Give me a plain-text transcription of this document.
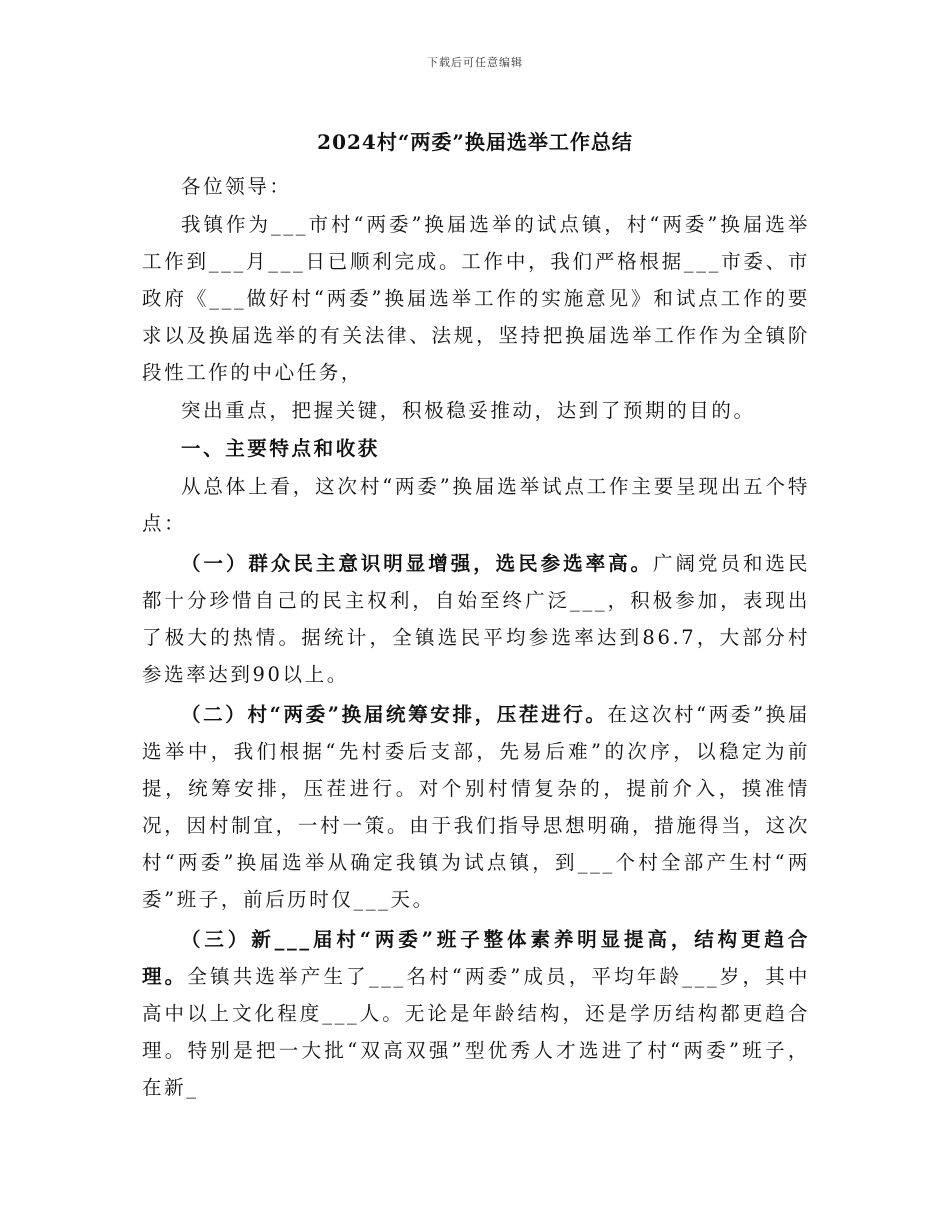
下载后可任意编辑
2024村“两委”换届选举工作总结

各位领导：

我镇作为___市村“两委”换届选举的试点镇，村“两委”换届选举工作到___月___日已顺利完成。工作中，我们严格根据___市委、市政府《___做好村“两委”换届选举工作的实施意见》和试点工作的要求以及换届选举的有关法律、法规，坚持把换届选举工作作为全镇阶段性工作的中心任务，

突出重点，把握关键，积极稳妥推动，达到了预期的目的。

一、主要特点和收获

从总体上看，这次村“两委”换届选举试点工作主要呈现出五个特点：

（一）群众民主意识明显增强，选民参选率高。广阔党员和选民都十分珍惜自己的民主权利，自始至终广泛___，积极参加，表现出了极大的热情。据统计，全镇选民平均参选率达到86.7，大部分村参选率达到90以上。

（二）村“两委”换届统筹安排，压茬进行。在这次村“两委”换届选举中，我们根据“先村委后支部，先易后难”的次序，以稳定为前提，统筹安排，压茬进行。对个别村情复杂的，提前介入，摸准情况，因村制宜，一村一策。由于我们指导思想明确，措施得当，这次村“两委”换届选举从确定我镇为试点镇，到___个村全部产生村“两委”班子，前后历时仅___天。

（三）新___届村“两委”班子整体素养明显提高，结构更趋合理。全镇共选举产生了___名村“两委”成员，平均年龄___岁，其中高中以上文化程度___人。无论是年龄结构，还是学历结构都更趋合理。特别是把一大批“双高双强”型优秀人才选进了村“两委”班子，在新_
